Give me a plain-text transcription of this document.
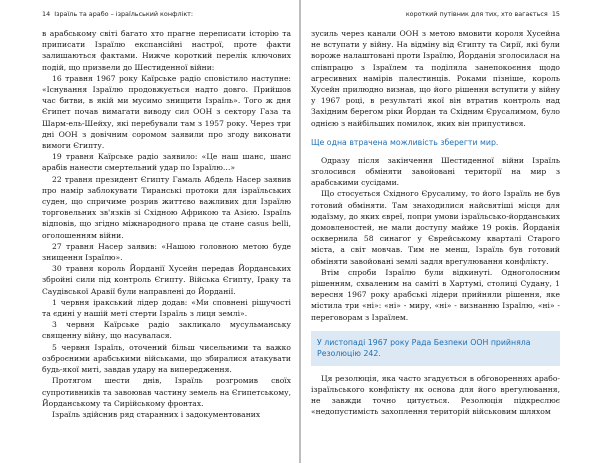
14 Ізраїль та арабо – ізраїльський конфлікт:

в арабському світі багато хто прагне переписати історію та приписати Ізраїлю експансійні настрої, проте факти залишаються фактами. Нижче короткий перелік ключових подій, що призвели до Шестиденної війни:

16 травня 1967 року Каїрське радіо сповістило наступне: «Існування Ізраїлю продовжується надто довго. Прийшов час битви, в якій ми мусимо знищити Ізраїль». Того ж дня Єгипет почав вимагати виводу сил ООН з сектору Газа та Шарм-ель-Шейху, які перебували там з 1957 року. Через три дні ООН з довічним соромом заявили про згоду виконати вимоги Єгипту.

19 травня Каїрське радіо заявило: «Це наш шанс, шанс арабів нанести смертельний удар по Ізраїлю…»

22 травня президент Єгипту Гамаль Абдель Насер заявив про намір заблокувати Тиранські протоки для ізраїльських суден, що спричиме розрив життєво важливих для Ізраїлю торговельних зв'язків зі Східною Африкою та Азією. Ізраїль відповів, що згідно міжнародного права це стане casus belli, оголошенням війни.

27 травня Насер заявив: «Нашою головною метою буде знищення Ізраїлю».

30 травня король Йорданії Хусейн передав Йорданських збройні сили під контроль Єгипту. Війська Єгипту, Іраку та Саудівської Аравії були направлені до Йорданії.

1 червня іракський лідер додав: «Ми сповнені рішучості та єдині у нашій меті стерти Ізраїль з лиця землі».

3 червня Каїрське радіо закликало мусульманську священну війну, що насувалася.

5 червня Ізраїль, оточений більш чисельними та важко озброєними арабськими військами, що збиралися атакувати будь-якої миті, завдав удару на випередження.

Протягом шести днів, Ізраїль розгромив своїх супротивників та завоював частину земель на Єгипетському, Йорданському та Сирійському фронтах.

Ізраїль здійснив ряд старанних і задокументованих

короткий путівник для тих, хто вагається 15

зусиль через канали ООН з метою вмовити короля Хусейна не вступати у війну. На відміну від Єгипту та Сирії, які були вороже налаштовані проти Ізраїлю, Йорданія зголосилася на співпрацю з Ізраїлем та поділяла занепокоєння щодо агресивних намірів палестинців. Роками пізніше, король Хусейн прилюдно визнав, що його рішення вступити у війну у 1967 році, в результаті якої він втратив контроль над Західним берегом ріки Йордан та Східним Єрусалимом, було однією з найбільших помилок, яких він припустився.

Ще одна втрачена можливість зберегти мир.

Одразу після закінчення Шестиденної війни Ізраїль зголосився обміняти завойовані території на мир з арабськими сусідами.

Що стосується Східного Єрусалиму, то його Ізраїль не був готовий обміняти. Там знаходилися найсвятіші місця для юдаїзму, до яких євреї, попри умови ізраїльсько-йорданських домовленостей, не мали доступу майже 19 років. Йорданія осквернила 58 синагог у Єврейському кварталі Старого міста, а світ мовчав. Тим не менш, Ізраїль був готовий обміняти завойовані землі задля врегулювання конфлікту.

Втім спроби Ізраїлю були відкинуті. Одноголосним рішенням, схваленим на саміті в Хартумі, столиці Судану, 1 вересня 1967 року арабські лідери прийняли рішення, яке містила три «ні»: «ні» - миру, «ні» - визнанню Ізраїлю, «ні» - переговорам з Ізраїлем.

У листопаді 1967 року Рада Безпеки ООН прийняла Резолюцію 242.

Ця резолюція, яка часто згадується в обговореннях арабо-ізраїльського конфлікту як основа для його врегулювання, не завжди точно цитується. Резолюція підкреслює «недопустимість захоплення територій військовим шляхом
